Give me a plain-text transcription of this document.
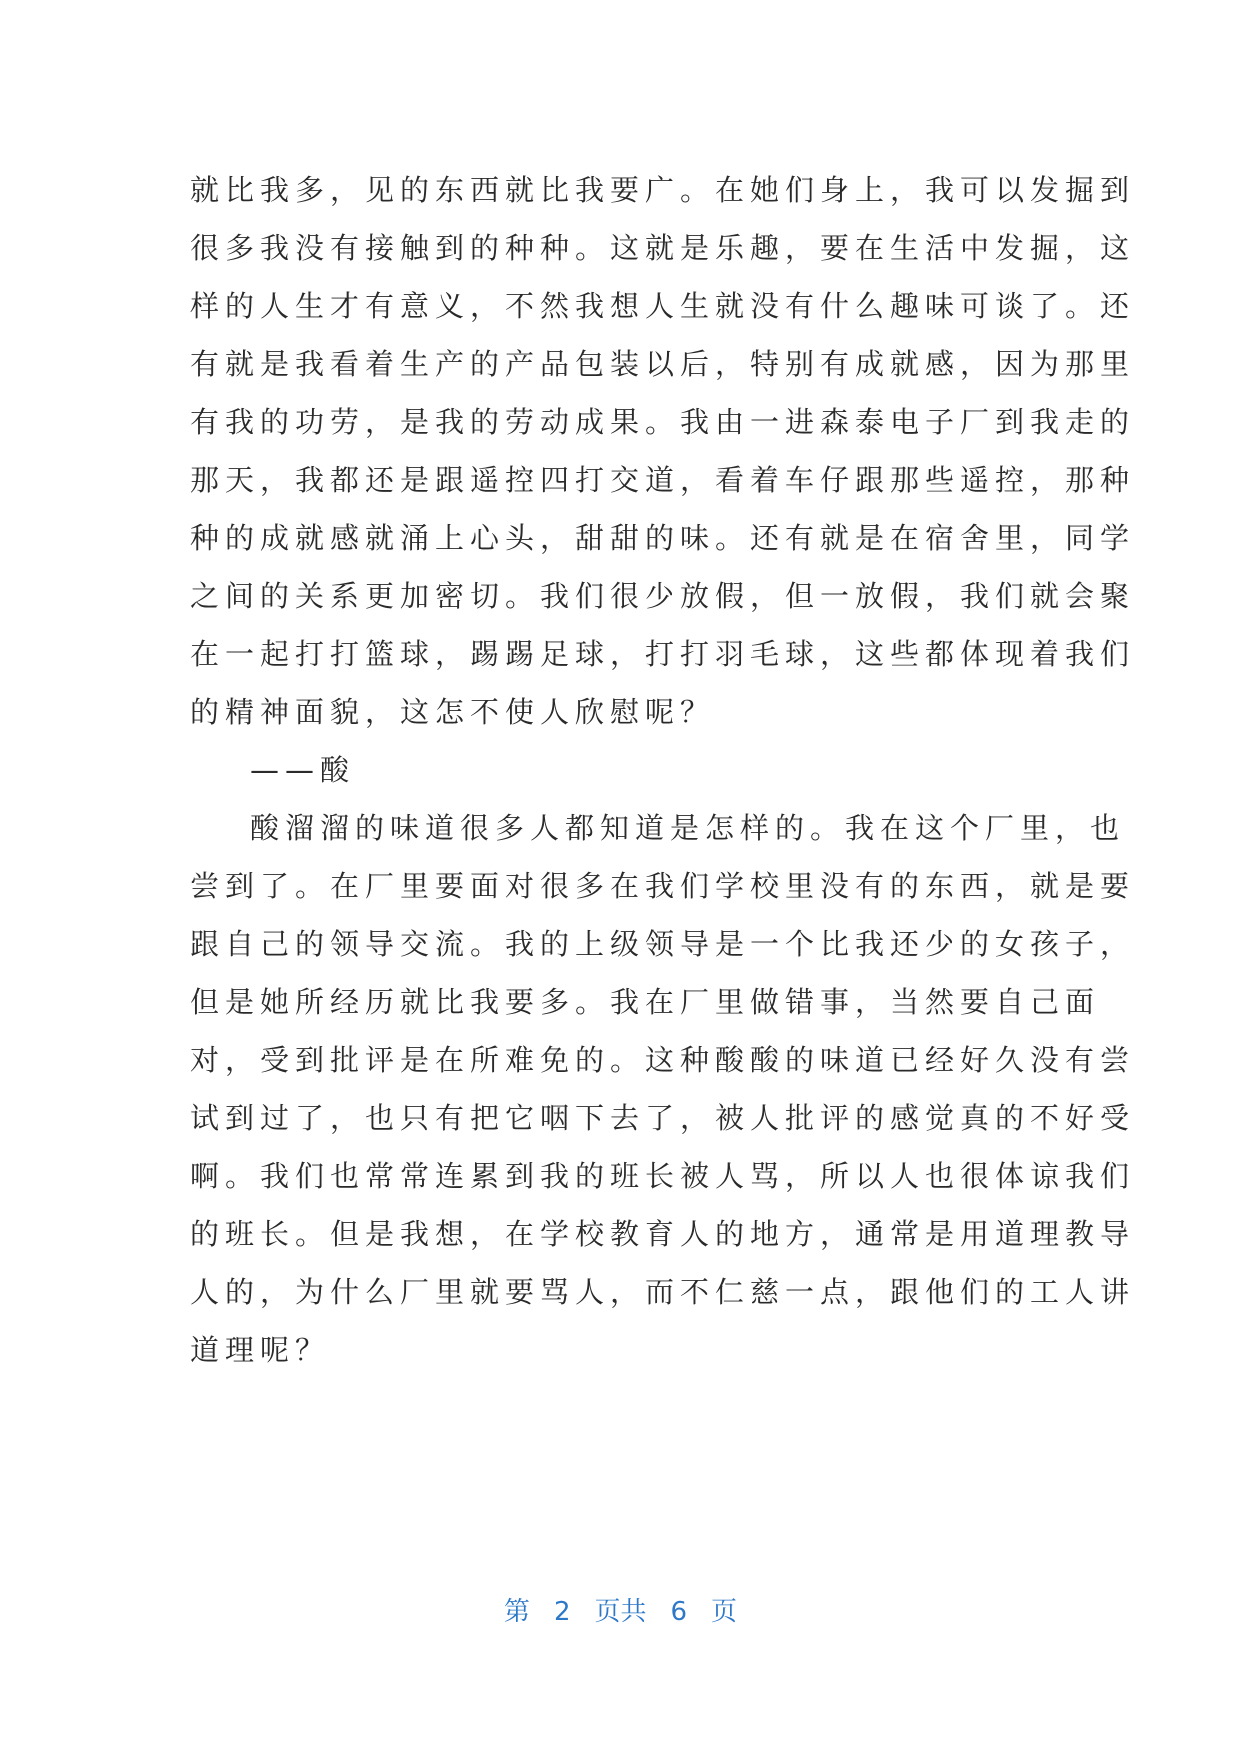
就比我多，见的东西就比我要广。在她们身上，我可以发掘到
很多我没有接触到的种种。这就是乐趣，要在生活中发掘，这
样的人生才有意义，不然我想人生就没有什么趣味可谈了。还
有就是我看着生产的产品包装以后，特别有成就感，因为那里
有我的功劳，是我的劳动成果。我由一进森泰电子厂到我走的
那天，我都还是跟遥控四打交道，看着车仔跟那些遥控，那种
种的成就感就涌上心头，甜甜的味。还有就是在宿舍里，同学
之间的关系更加密切。我们很少放假，但一放假，我们就会聚
在一起打打篮球，踢踢足球，打打羽毛球，这些都体现着我们
的精神面貌，这怎不使人欣慰呢？
——酸
酸溜溜的味道很多人都知道是怎样的。我在这个厂里，也
尝到了。在厂里要面对很多在我们学校里没有的东西，就是要
跟自己的领导交流。我的上级领导是一个比我还少的女孩子，
但是她所经历就比我要多。我在厂里做错事，当然要自己面
对，受到批评是在所难免的。这种酸酸的味道已经好久没有尝
试到过了，也只有把它咽下去了，被人批评的感觉真的不好受
啊。我们也常常连累到我的班长被人骂，所以人也很体谅我们
的班长。但是我想，在学校教育人的地方，通常是用道理教导
人的，为什么厂里就要骂人，而不仁慈一点，跟他们的工人讲
道理呢？
第 2 页共 6 页
